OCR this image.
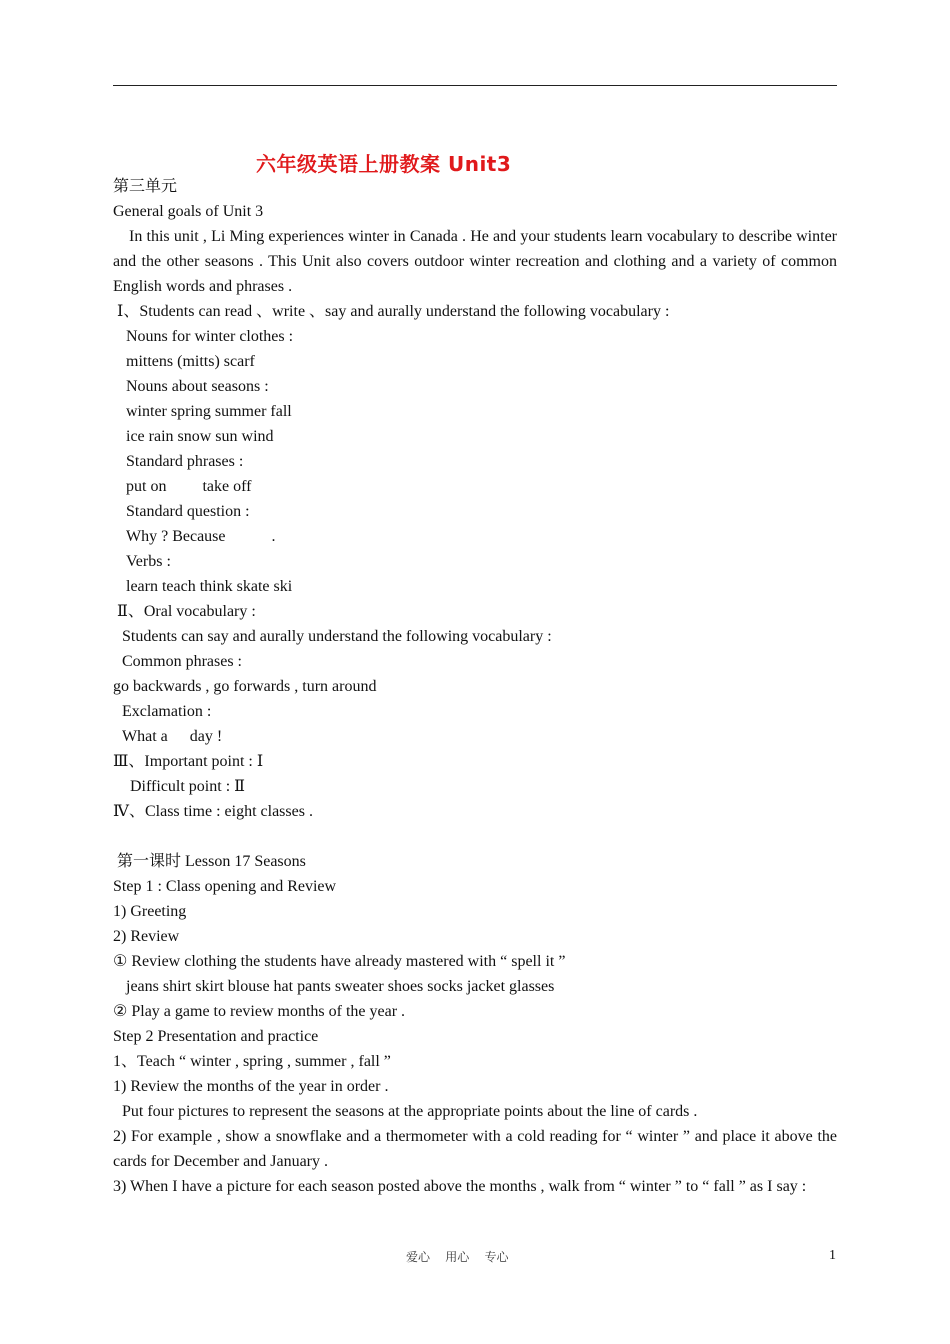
六年级英语上册教案 Unit3
第三单元
General goals of Unit 3

In this unit , Li Ming experiences winter in Canada . He and your students learn vocabulary to describe winter and the other seasons . This Unit also covers outdoor winter recreation and clothing and a variety of common English words and phrases .

Ⅰ、Students can read 、write 、say and aurally understand the following vocabulary :
Nouns for winter clothes :
mittens (mitts) scarf
Nouns about seasons :
winter spring summer fall
ice rain snow sun wind
Standard phrases :
put on take off
Standard question :
Why ? Because	.
Verbs :
learn teach think skate ski
Ⅱ、Oral vocabulary :
Students can say and aurally understand the following vocabulary :
Common phrases :
go backwards , go forwards , turn around
Exclamation :
What a day !
Ⅲ、Important point : Ⅰ
Difficult point : Ⅱ
Ⅳ、Class time : eight classes .
第一课时 Lesson 17 Seasons
Step 1 : Class opening and Review
1) Greeting
2) Review
① Review clothing the students have already mastered with “ spell it ”
jeans shirt skirt blouse hat pants sweater shoes socks jacket glasses
② Play a game to review months of the year .
Step 2 Presentation and practice
1、Teach “ winter , spring , summer , fall ”
1) Review the months of the year in order .
Put four pictures to represent the seasons at the appropriate points about the line of cards .

2) For example , show a snowflake and a thermometer with a cold reading for “ winter ” and place it above the cards for December and January .

3) When I have a picture for each season posted above the months , walk from “ winter ” to “ fall ” as I say :

爱心    用心    专心	1
